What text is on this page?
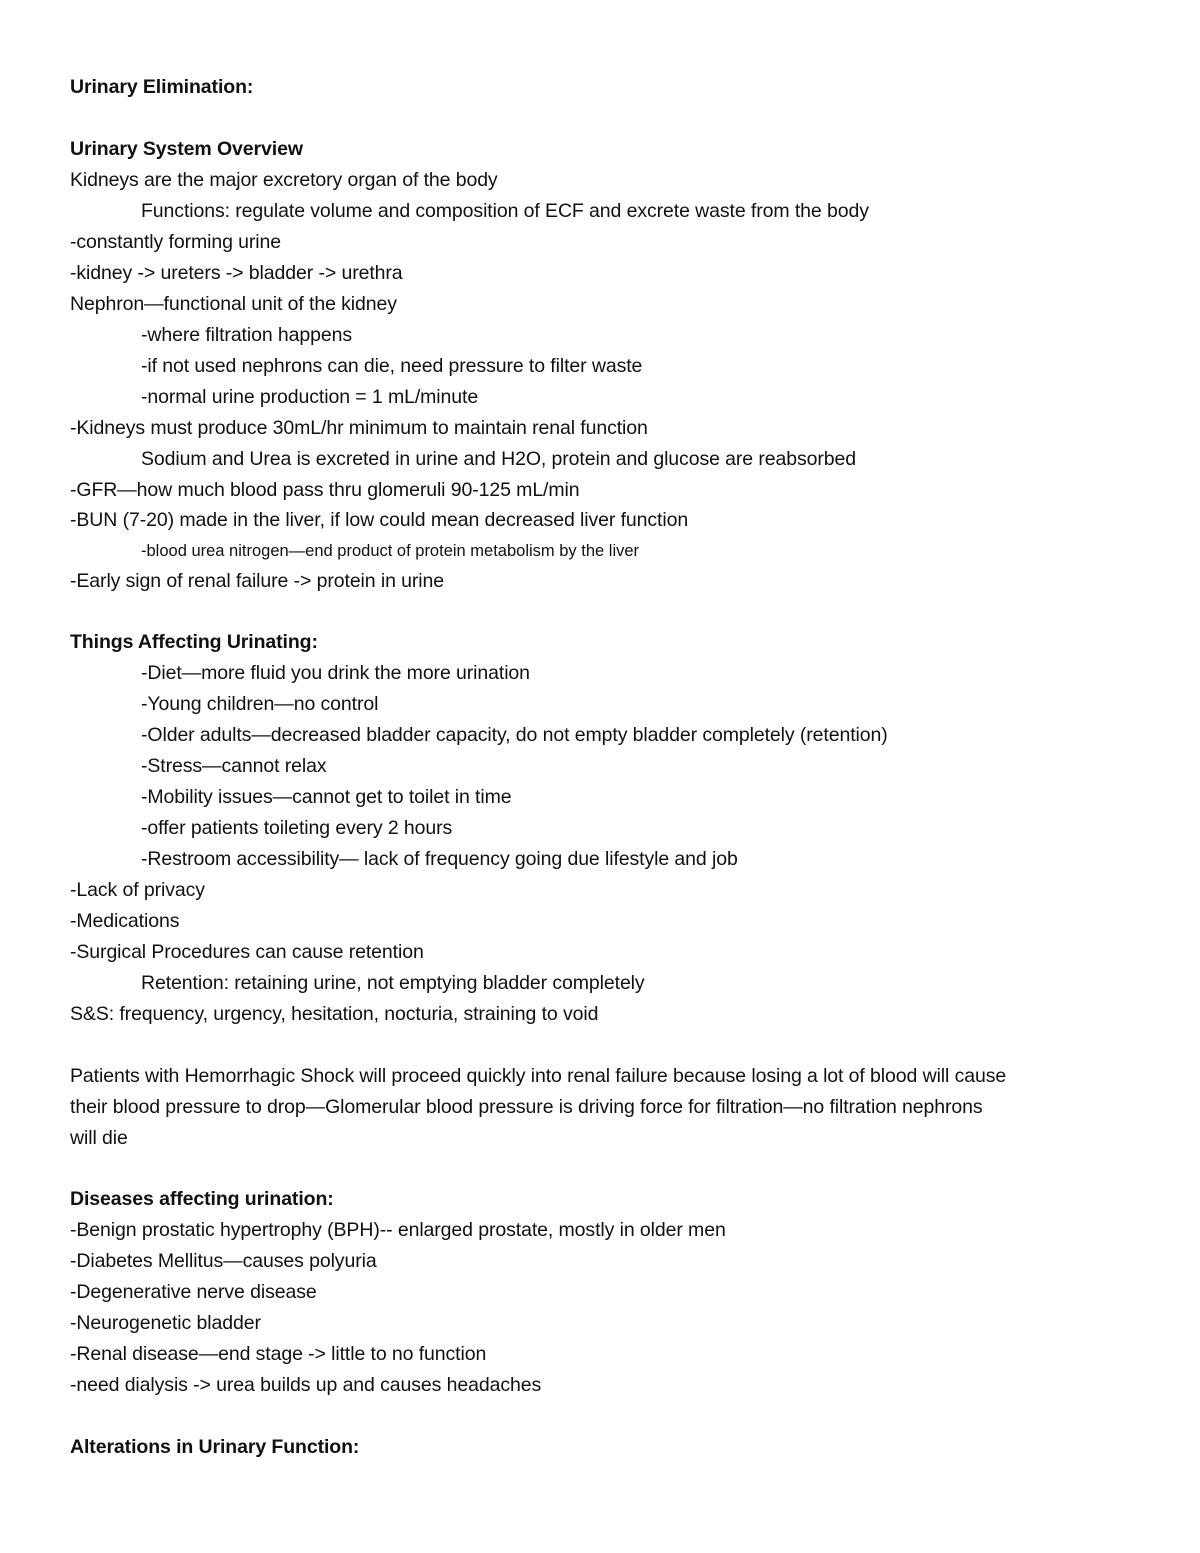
Urinary Elimination:
Urinary System Overview
Kidneys are the major excretory organ of the body
Functions: regulate volume and composition of ECF and excrete waste from the body
-constantly forming urine
-kidney -> ureters -> bladder -> urethra
Nephron—functional unit of the kidney
-where filtration happens
-if not used nephrons can die, need pressure to filter waste
-normal urine production = 1 mL/minute
-Kidneys must produce 30mL/hr minimum to maintain renal function
Sodium and Urea is excreted in urine and H2O, protein and glucose are reabsorbed
-GFR—how much blood pass thru glomeruli 90-125 mL/min
-BUN (7-20) made in the liver, if low could mean decreased liver function
-blood urea nitrogen—end product of protein metabolism by the liver
-Early sign of renal failure -> protein in urine
Things Affecting Urinating:
-Diet—more fluid you drink the more urination
-Young children—no control
-Older adults—decreased bladder capacity, do not empty bladder completely (retention)
-Stress—cannot relax
-Mobility issues—cannot get to toilet in time
-offer patients toileting every 2 hours
-Restroom accessibility— lack of frequency going due lifestyle and job
-Lack of privacy
-Medications
-Surgical Procedures can cause retention
Retention: retaining urine, not emptying bladder completely
S&S: frequency, urgency, hesitation, nocturia, straining to void
Patients with Hemorrhagic Shock will proceed quickly into renal failure because losing a lot of blood will cause
their blood pressure to drop—Glomerular blood pressure is driving force for filtration—no filtration nephrons
will die
Diseases affecting urination:
-Benign prostatic hypertrophy (BPH)-- enlarged prostate, mostly in older men
-Diabetes Mellitus—causes polyuria
-Degenerative nerve disease
-Neurogenetic bladder
-Renal disease—end stage -> little to no function
-need dialysis -> urea builds up and causes headaches
Alterations in Urinary Function:
